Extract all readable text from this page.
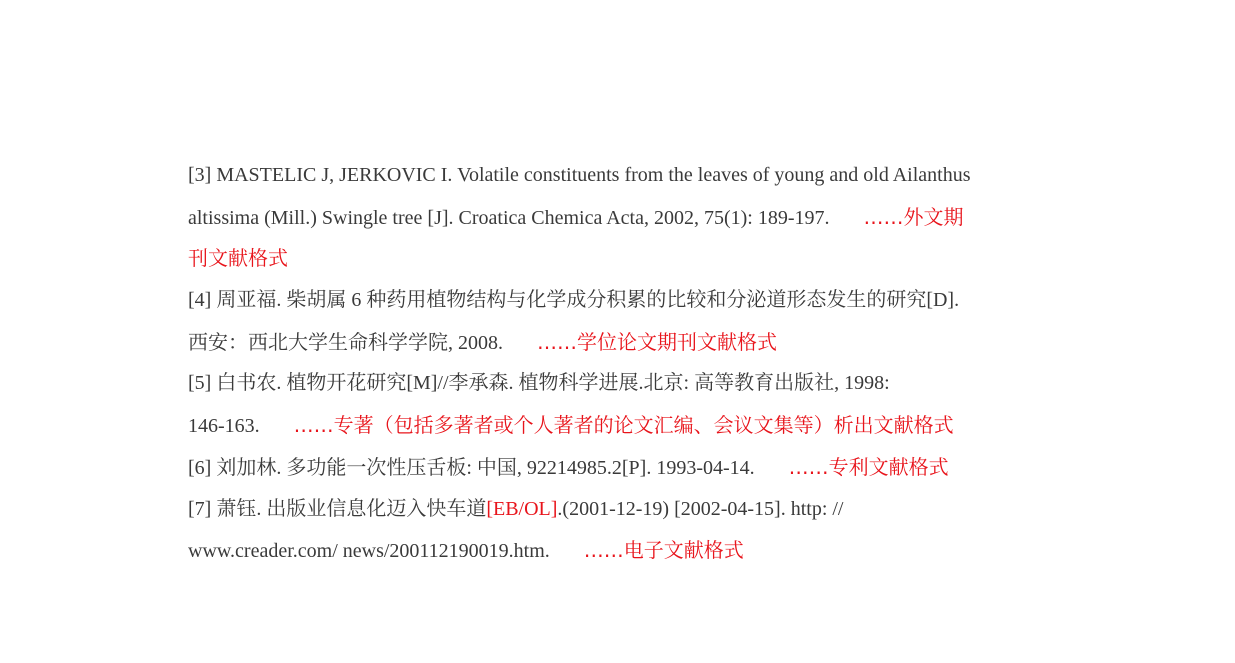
[3] MASTELIC J, JERKOVIC I. Volatile constituents from the leaves of young and old Ailanthus
altissima (Mill.) Swingle tree [J]. Croatica Chemica Acta, 2002, 75(1): 189-197. ……外文期
刊文献格式
[4] 周亚福. 柴胡属 6 种药用植物结构与化学成分积累的比较和分泌道形态发生的研究[D].
西安：西北大学生命科学学院, 2008. ……学位论文期刊文献格式
[5] 白书农. 植物开花研究[M]//李承森. 植物科学进展.北京: 高等教育出版社, 1998:
146-163. ……专著（包括多著者或个人著者的论文汇编、会议文集等）析出文献格式
[6] 刘加林. 多功能一次性压舌板: 中国, 92214985.2[P]. 1993-04-14. ……专利文献格式
[7] 萧钰. 出版业信息化迈入快车道[EB/OL].(2001-12-19) [2002-04-15]. http: //
www.creader.com/ news/200112190019.htm. ……电子文献格式
